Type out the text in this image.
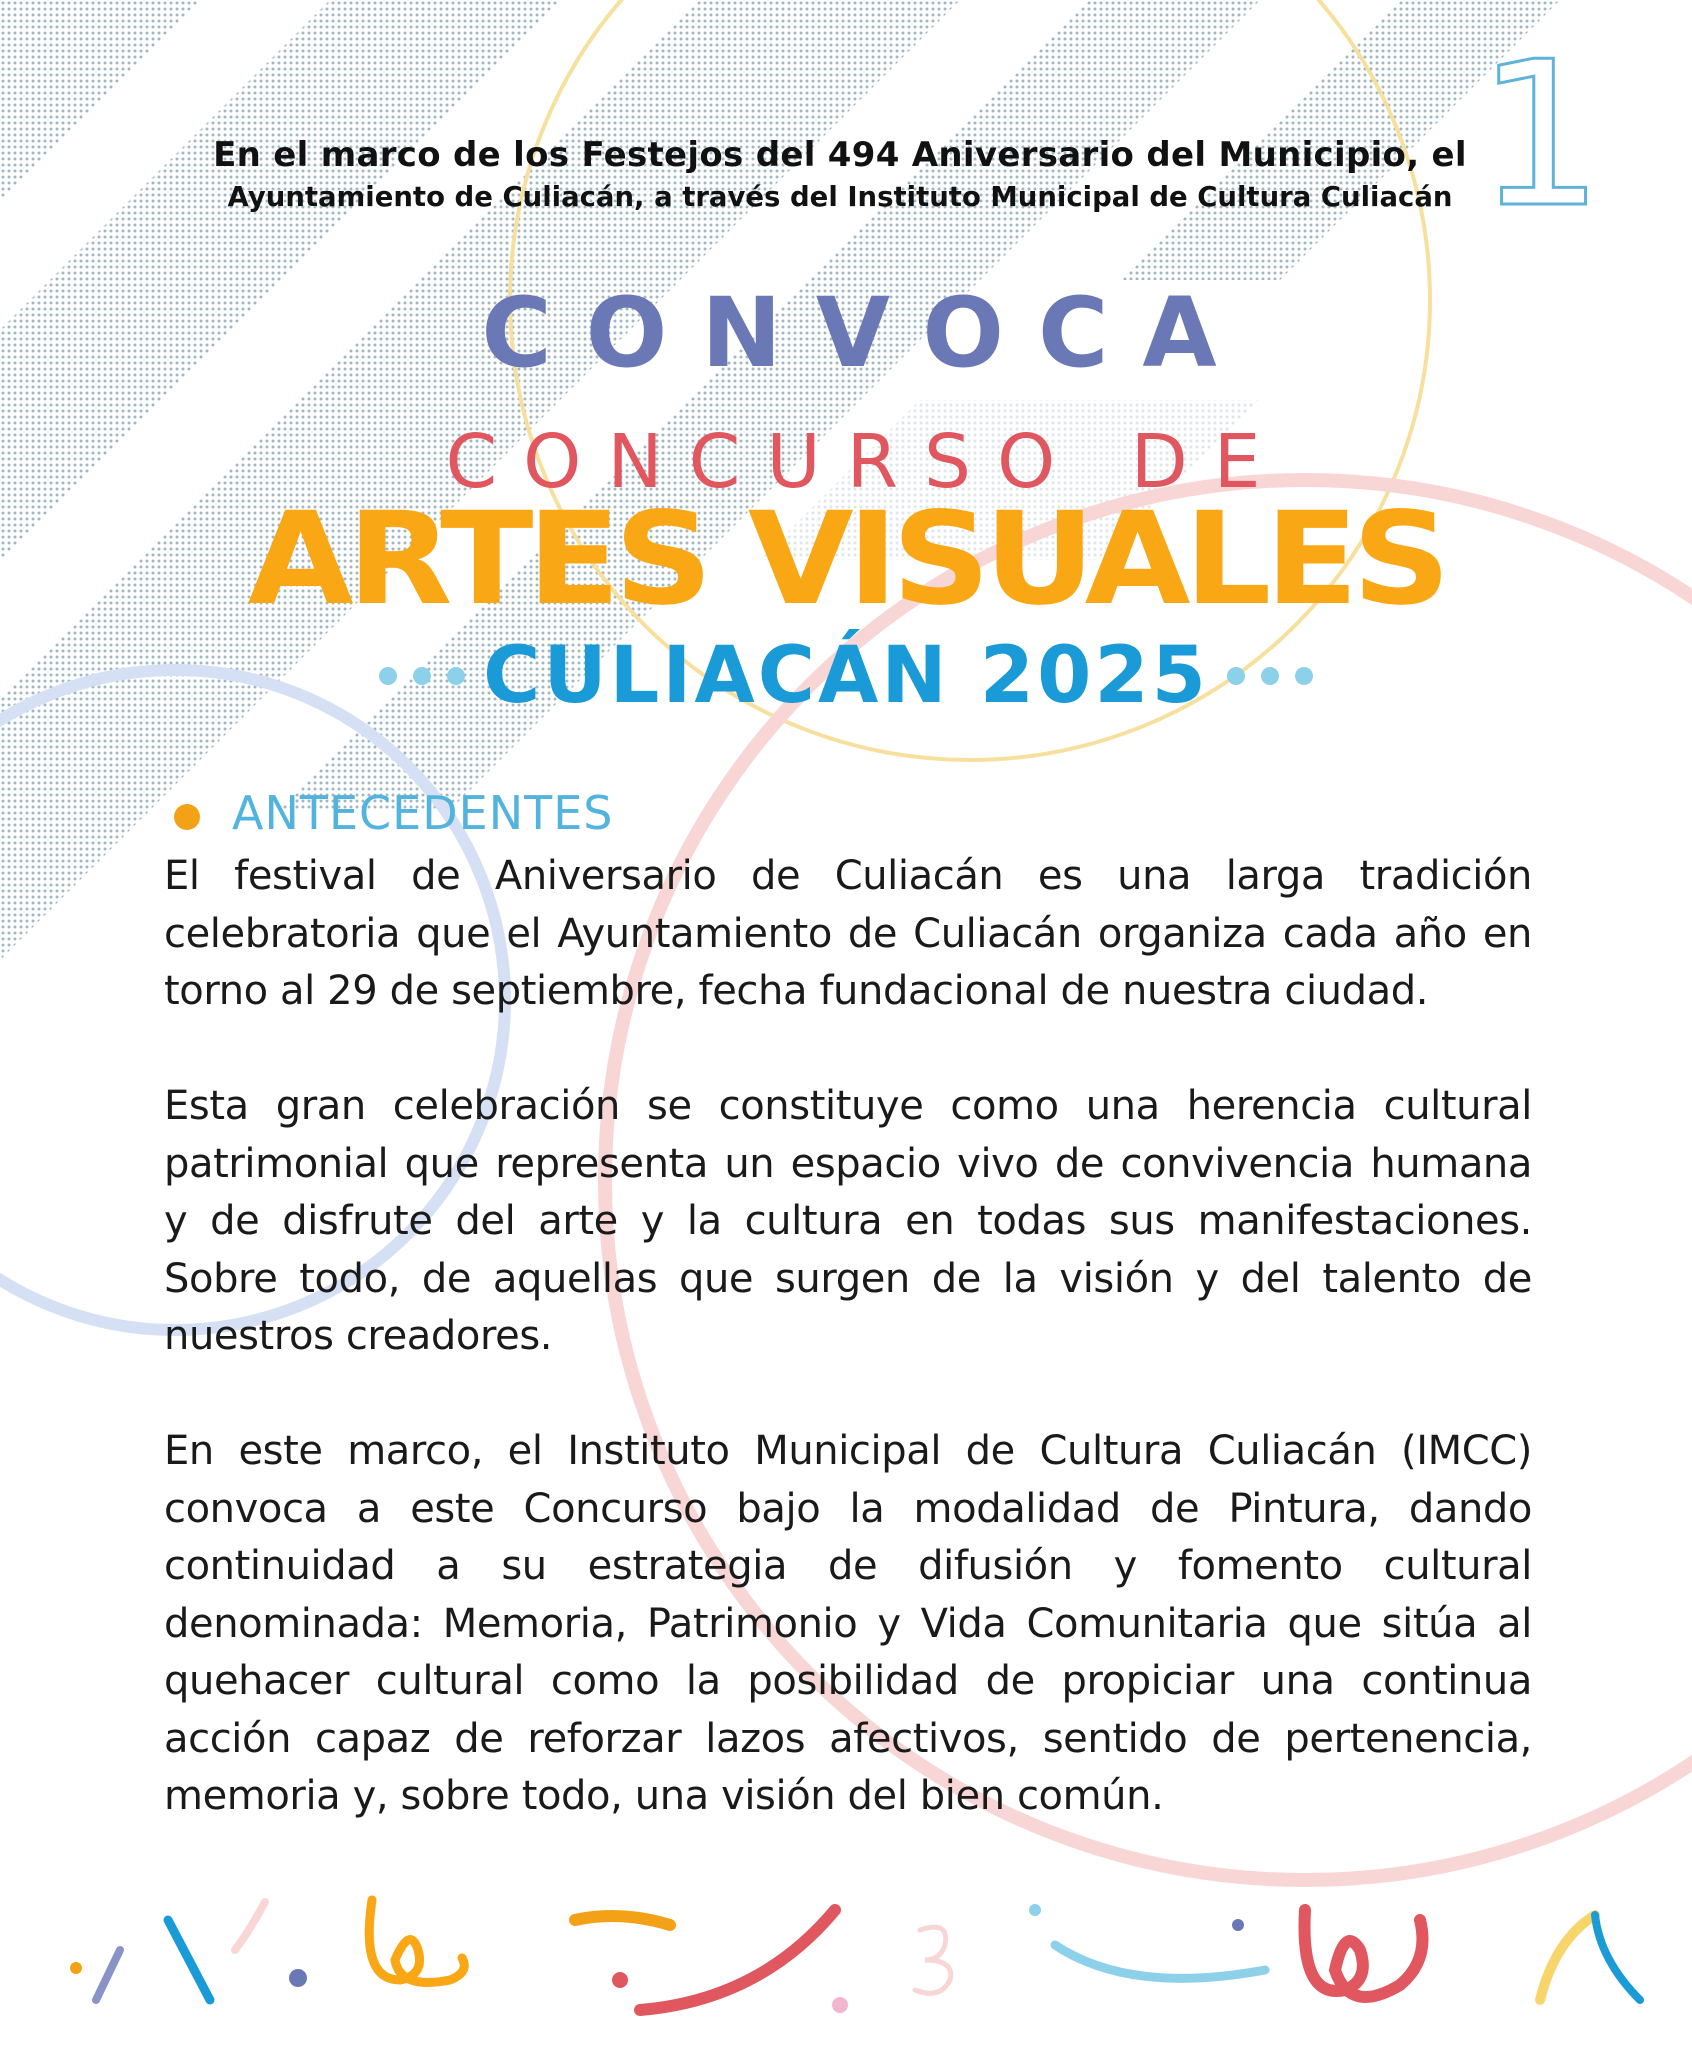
1
En el marco de los Festejos del 494 Aniversario del Municipio, el
Ayuntamiento de Culiacán, a través del Instituto Municipal de Cultura Culiacán
CONVOCA
CONCURSO DE
ARTES VISUALES
CULIACÁN 2025
ANTECEDENTES

El festival de Aniversario de Culiacán es una larga tradición celebratoria que el Ayuntamiento de Culiacán organiza cada año en torno al 29 de septiembre, fecha fundacional de nuestra ciudad.

Esta gran celebración se constituye como una herencia cultural patrimonial que representa un espacio vivo de convivencia humana y de disfrute del arte y la cultura en todas sus manifestaciones. Sobre todo, de aquellas que surgen de la visión y del talento de nuestros creadores.

En este marco, el Instituto Municipal de Cultura Culiacán (IMCC) convoca a este Concurso bajo la modalidad de Pintura, dando continuidad a su estrategia de difusión y fomento cultural denominada: Memoria, Patrimonio y Vida Comunitaria que sitúa al quehacer cultural como la posibilidad de propiciar una continua acción capaz de reforzar lazos afectivos, sentido de pertenencia, memoria y, sobre todo, una visión del bien común.
